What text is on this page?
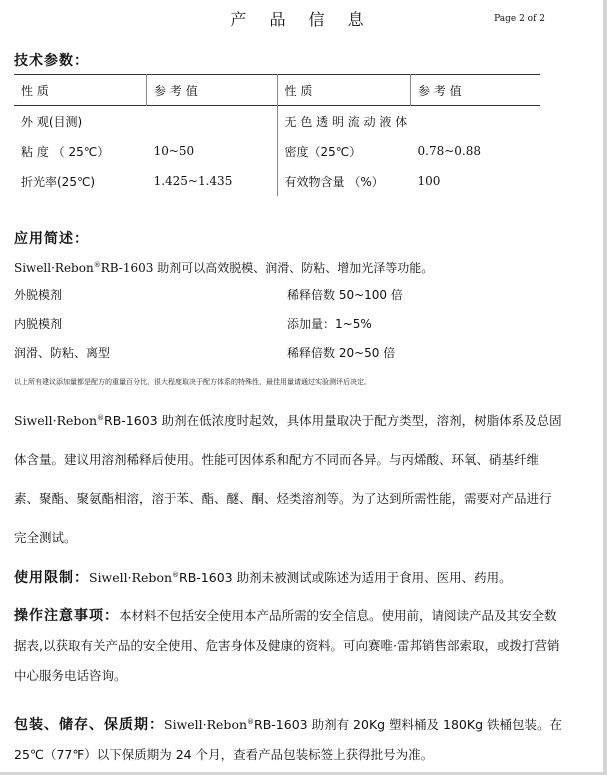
产 品 信 息	Page 2 of 2
技术参数：
性 质	参 考 值	性 质	参 考 值
外 观(目测)		无 色 透 明 流 动 液 体	
粘 度 （ 25℃）	10~50	密度（25℃）	0.78~0.88
折光率(25℃)	1.425~1.435	有效物含量 （%）	100
应用简述：
Siwell·Rebon®RB-1603 助剂可以高效脱模、润滑、防粘、增加光泽等功能。
外脱模剂	稀释倍数 50~100 倍
内脱模剂	添加量：1~5%
润滑、防粘、离型	稀释倍数 20~50 倍
以上所有建议添加量都是配方的重量百分比，很大程度取决于配方体系的特殊性，最佳用量请通过实验测评后决定。

Siwell·Rebon®RB-1603 助剂在低浓度时起效，具体用量取决于配方类型，溶剂，树脂体系及总固体含量。建议用溶剂稀释后使用。性能可因体系和配方不同而各异。与丙烯酸、环氧、硝基纤维素、聚酯、聚氨酯相溶，溶于苯、酯、醚、酮、烃类溶剂等。为了达到所需性能，需要对产品进行完全测试。

使用限制：Siwell·Rebon®RB-1603 助剂未被测试或陈述为适用于食用、医用、药用。

操作注意事项：本材料不包括安全使用本产品所需的安全信息。使用前，请阅读产品及其安全数据表,以获取有关产品的安全使用、危害身体及健康的资料。可向赛唯·雷邦销售部索取，或拨打营销中心服务电话咨询。

包装、储存、保质期：Siwell·Rebon®RB-1603 助剂有 20Kg 塑料桶及 180Kg 铁桶包装。在 25℃（77℉）以下保质期为 24 个月，查看产品包装标签上获得批号为准。
